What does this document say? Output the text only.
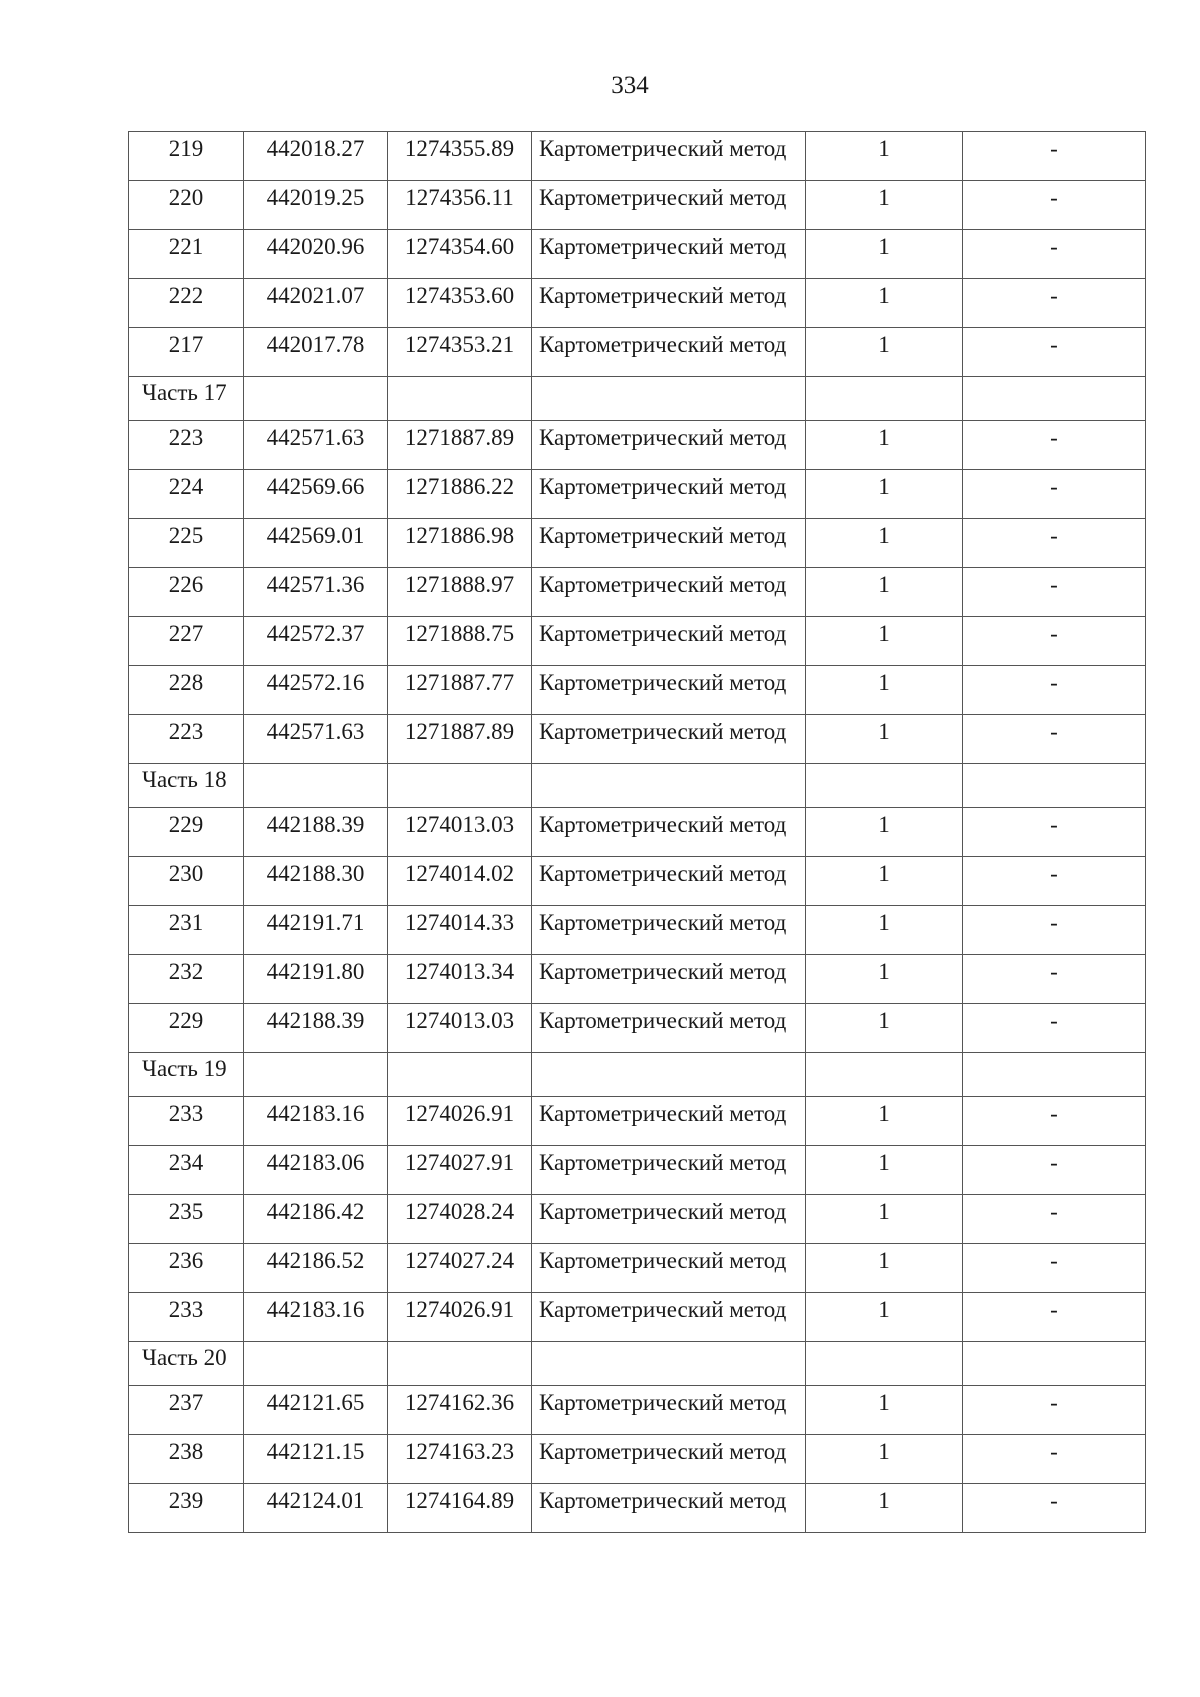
334
219	442018.27	1274355.89	Картометрический метод	1	-
220	442019.25	1274356.11	Картометрический метод	1	-
221	442020.96	1274354.60	Картометрический метод	1	-
222	442021.07	1274353.60	Картометрический метод	1	-
217	442017.78	1274353.21	Картометрический метод	1	-
Часть 17					
223	442571.63	1271887.89	Картометрический метод	1	-
224	442569.66	1271886.22	Картометрический метод	1	-
225	442569.01	1271886.98	Картометрический метод	1	-
226	442571.36	1271888.97	Картометрический метод	1	-
227	442572.37	1271888.75	Картометрический метод	1	-
228	442572.16	1271887.77	Картометрический метод	1	-
223	442571.63	1271887.89	Картометрический метод	1	-
Часть 18					
229	442188.39	1274013.03	Картометрический метод	1	-
230	442188.30	1274014.02	Картометрический метод	1	-
231	442191.71	1274014.33	Картометрический метод	1	-
232	442191.80	1274013.34	Картометрический метод	1	-
229	442188.39	1274013.03	Картометрический метод	1	-
Часть 19					
233	442183.16	1274026.91	Картометрический метод	1	-
234	442183.06	1274027.91	Картометрический метод	1	-
235	442186.42	1274028.24	Картометрический метод	1	-
236	442186.52	1274027.24	Картометрический метод	1	-
233	442183.16	1274026.91	Картометрический метод	1	-
Часть 20					
237	442121.65	1274162.36	Картометрический метод	1	-
238	442121.15	1274163.23	Картометрический метод	1	-
239	442124.01	1274164.89	Картометрический метод	1	-
